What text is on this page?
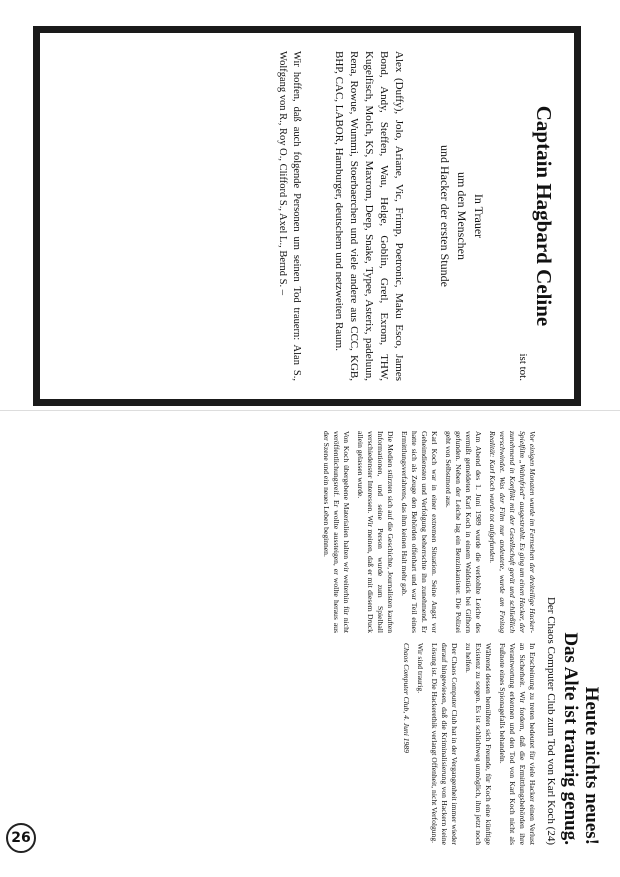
Captain Hagbard Celine
ist tot.
In Trauer
um den Menschen
und Hacker der ersten Stunde

Alex (Duffy), Jolo, Ariane, Vic, Frimp, Poetronic, Maku Esco, James Bond, Andy, Steffen, Wau, Helge, Goblin, Gretl, Exrom, THW, Kugelfisch, Molch, KS, Maxrom, Deep, Snake, Typee, Asterix, padeluun, Rena, Rowue, Wummi, Stoerbaerchen und viele andere aus CCC, KGB, BHP, CAC, LABOR, Hamburger, deutschem und netzweiten Raum.

Wir hoffen, daß auch folgende Personen um seinen Tod trauern: Alan S., Wolfgang von R., Roy O., Clifford S., Axel L., Bernd S. –

Heute nichts neues!
Das Alte ist traurig genug.
Der Chaos Computer Club zum Tod von Karl Koch (24)

Vor einigen Monaten wurde im Fernsehen der dreiteilige Hacker-Spielfilm „Wahnfried“ ausgestrahlt. Es ging um einen Hacker, der zunehmend in Konflikt mit der Gesellschaft gerät und schließlich verschwindet. Was der Film nur andeutete, wurde am Freitag Realität: Karl Koch wurde tot aufgefunden.

Am Abend des 1. Juni 1989 wurde die verkohlte Leiche des vermißt gemeldeten Karl Koch in einem Waldstück bei Gifhorn gefunden. Neben der Leiche lag ein Benzinkanister. Die Polizei geht von Selbstmord aus.

Karl Koch war in einer extremen Situation. Seine Angst vor Geheimdiensten und Verfolgung beherrschte ihn zunehmend. Er hatte sich als Zeuge den Behörden offenbart und war Teil eines Ermittlungsverfahrens, das ihm keinen Halt mehr gab.

Die Medien stürzten sich auf die Geschichte, Journalisten kauften Informationen, und seine Person wurde zum Spielball verschiedenster Interessen. Wir meinen, daß er mit diesem Druck allein gelassen wurde.

Von Koch übergebene Materialien halten wir weiterhin für nicht veröffentlichungsreif. Er wollte aussteigen, er wollte heraus aus der Szene und ein neues Leben beginnen.

In Erscheinung zu treten bedeutet für viele Hacker einen Verlust an Sicherheit. Wir fordern, daß die Ermittlungsbehörden ihre Verantwortung erkennen und den Tod von Karl Koch nicht als Fußnote eines Spionagefalls behandeln.

Während dessen bemühten sich Freunde, für Koch eine künftige Existenz zu sorgen. Es ist schlichtweg unmöglich, ihm jetzt noch zu helfen.

Der Chaos Computer Club hat in der Vergangenheit immer wieder darauf hingewiesen, daß die Kriminalisierung von Hackern keine Lösung ist. Die Hackerethik verlangt Offenheit, nicht Verfolgung.

Wir sind traurig.

Chaos Computer Club, 4. Juni 1989
26
